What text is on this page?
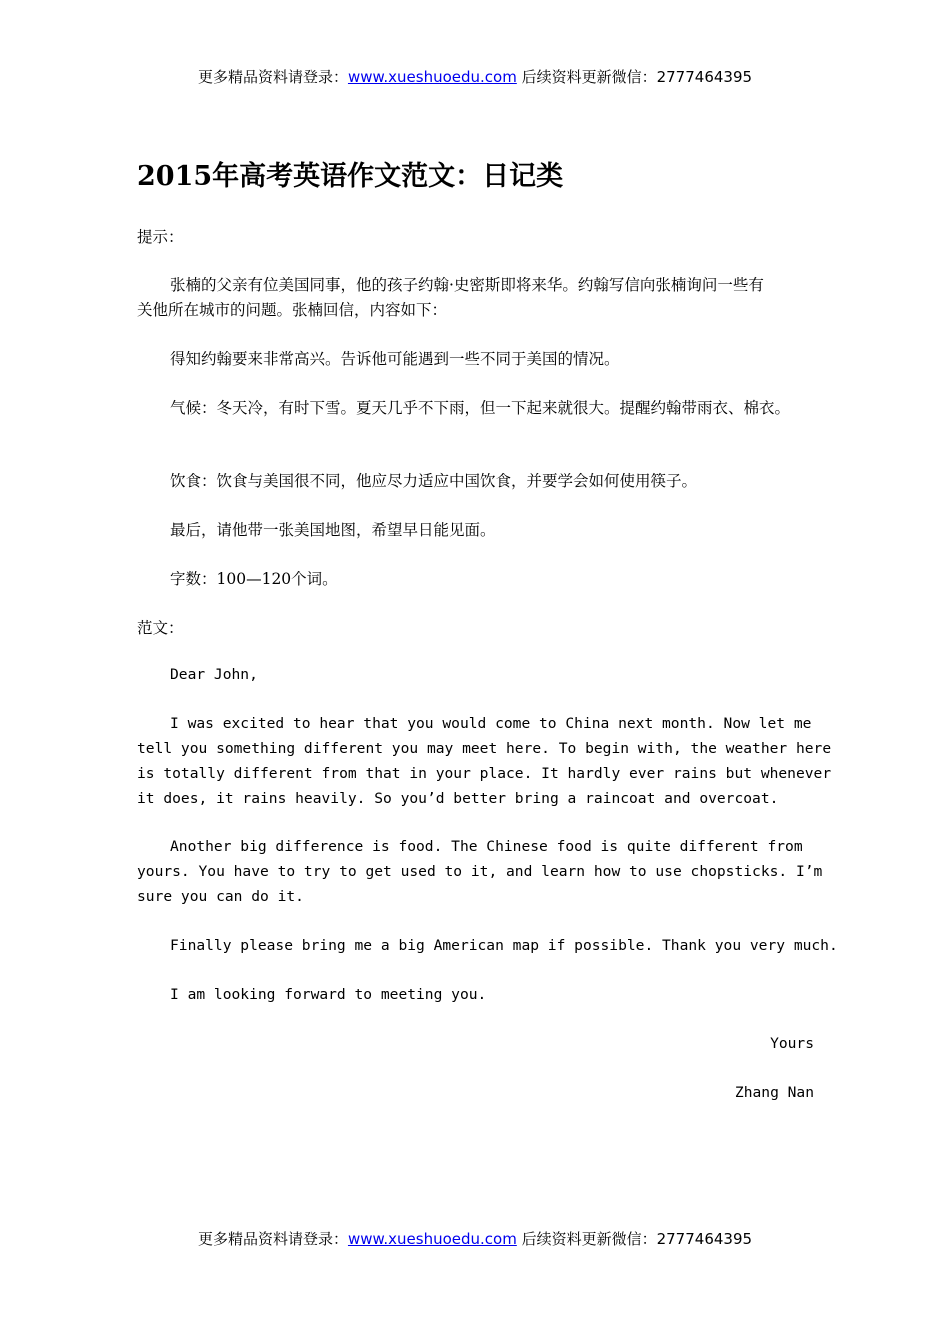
更多精品资料请登录：www.xueshuoedu.com 后续资料更新微信：2777464395
2015年高考英语作文范文：日记类

提示：

张楠的父亲有位美国同事，他的孩子约翰·史密斯即将来华。约翰写信向张楠询问一些有

关他所在城市的问题。张楠回信，内容如下：

得知约翰要来非常高兴。告诉他可能遇到一些不同于美国的情况。

气候：冬天冷，有时下雪。夏天几乎不下雨，但一下起来就很大。提醒约翰带雨衣、棉衣。

饮食：饮食与美国很不同，他应尽力适应中国饮食，并要学会如何使用筷子。

最后，请他带一张美国地图，希望早日能见面。

字数：100—120个词。

范文：

Dear John,

I was excited to hear that you would come to China next month. Now let me

tell you something different you may meet here. To begin with, the weather here

is totally different from that in your place. It hardly ever rains but whenever

it does, it rains heavily. So you’d better bring a raincoat and overcoat.

Another big difference is food. The Chinese food is quite different from

yours. You have to try to get used to it, and learn how to use chopsticks. I’m

sure you can do it.

Finally please bring me a big American map if possible. Thank you very much.

I am looking forward to meeting you.

Yours

Zhang Nan

更多精品资料请登录：www.xueshuoedu.com 后续资料更新微信：2777464395
